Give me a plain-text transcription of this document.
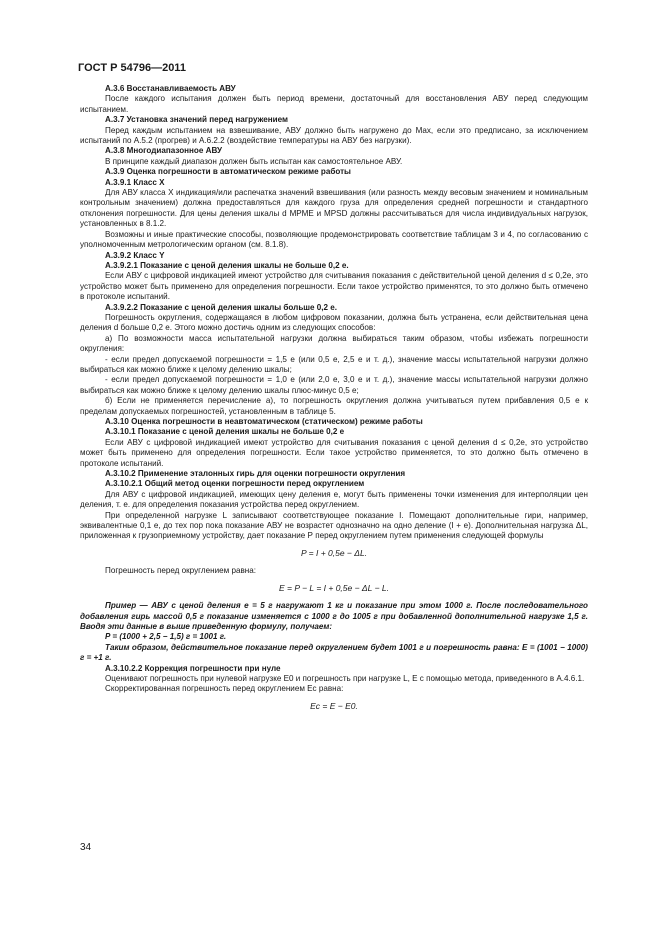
ГОСТ Р 54796—2011

А.3.6 Восстанавливаемость АВУ

После каждого испытания должен быть период времени, достаточный для восстановления АВУ перед следующим испытанием.

А.3.7 Установка значений перед нагружением

Перед каждым испытанием на взвешивание, АВУ должно быть нагружено до Max, если это предписано, за исключением испытаний по А.5.2 (прогрев) и А.6.2.2 (воздействие температуры на АВУ без нагрузки).

А.3.8 Многодиапазонное АВУ

В принципе каждый диапазон должен быть испытан как самостоятельное АВУ.

А.3.9 Оценка погрешности в автоматическом режиме работы

А.3.9.1 Класс X

Для АВУ класса X индикация/или распечатка значений взвешивания (или разность между весовым значением и номинальным контрольным значением) должна предоставляться для каждого груза для определения средней погрешности и стандартного отклонения погрешности. Для цены деления шкалы d МРМЕ и MPSD должны рассчитываться для числа индивидуальных нагрузок, установленных в 8.1.2.

Возможны и иные практические способы, позволяющие продемонстрировать соответствие таблицам 3 и 4, по согласованию с уполномоченным метрологическим органом (см. 8.1.8).

А.3.9.2 Класс Y

А.3.9.2.1 Показание с ценой деления шкалы не больше 0,2 е.

Если АВУ с цифровой индикацией имеют устройство для считывания показания с действительной ценой деления d ≤ 0,2е, это устройство может быть применено для определения погрешности. Если такое устройство применятся, то это должно быть отмечено в протоколе испытаний.

А.3.9.2.2 Показание с ценой деления шкалы больше 0,2 е.

Погрешность округления, содержащаяся в любом цифровом показании, должна быть устранена, если действительная цена деления d больше 0,2 е. Этого можно достичь одним из следующих способов:

а) По возможности масса испытательной нагрузки должна выбираться таким образом, чтобы избежать погрешности округления:

- если предел допускаемой погрешности = 1,5 е (или 0,5 е, 2,5 е и т. д.), значение массы испытательной нагрузки должно выбираться как можно ближе к целому делению шкалы;

- если предел допускаемой погрешности = 1,0 е (или 2,0 е, 3,0 е и т. д.), значение массы испытательной нагрузки должно выбираться как можно ближе к целому делению шкалы плюс-минус 0,5 е;

б) Если не применяется перечисление а), то погрешность округления должна учитываться путем прибавления 0,5 е к пределам допускаемых погрешностей, установленным в таблице 5.

А.3.10 Оценка погрешности в неавтоматическом (статическом) режиме работы

А.3.10.1 Показание с ценой деления шкалы не больше 0,2 е

Если АВУ с цифровой индикацией имеют устройство для считывания показания с ценой деления d ≤ 0,2е, это устройство может быть применено для определения погрешности. Если такое устройство применяется, то это должно быть отмечено в протоколе испытаний.

А.3.10.2 Применение эталонных гирь для оценки погрешности округления

А.3.10.2.1 Общий метод оценки погрешности перед округлением

Для АВУ с цифровой индикацией, имеющих цену деления е, могут быть применены точки изменения для интерполяции цен деления, т. е. для определения показания устройства перед округлением.

При определенной нагрузке L записывают соответствующее показание I. Помещают дополнительные гири, например, эквивалентные 0,1 е, до тех пор пока показание АВУ не возрастет однозначно на одно деление (I + е). Дополнительная нагрузка ΔL, приложенная к грузоприемному устройству, дает показание Р перед округлением путем применения следующей формулы

P = I + 0,5e − ΔL.

Погрешность перед округлением равна:

E = P − L = I + 0,5e − ΔL − L.

Пример — АВУ с ценой деления е = 5 г нагружают 1 кг и показание при этом 1000 г. После последовательного добавления гирь массой 0,5 г показание изменяется с 1000 г до 1005 г при добавленной дополнительной нагрузке 1,5 г. Вводя эти данные в выше приведенную формулу, получаем:

P = (1000 + 2,5 − 1,5) г = 1001 г.

Таким образом, действительное показание перед округлением будет 1001 г и погрешность равна: E = (1001 − 1000) г = +1 г.

А.3.10.2.2 Коррекция погрешности при нуле

Оценивают погрешность при нулевой нагрузке E0 и погрешность при нагрузке L, E с помощью метода, приведенного в А.4.6.1.

Скорректированная погрешность перед округлением Ec равна:

Ec = E − E0.
34
